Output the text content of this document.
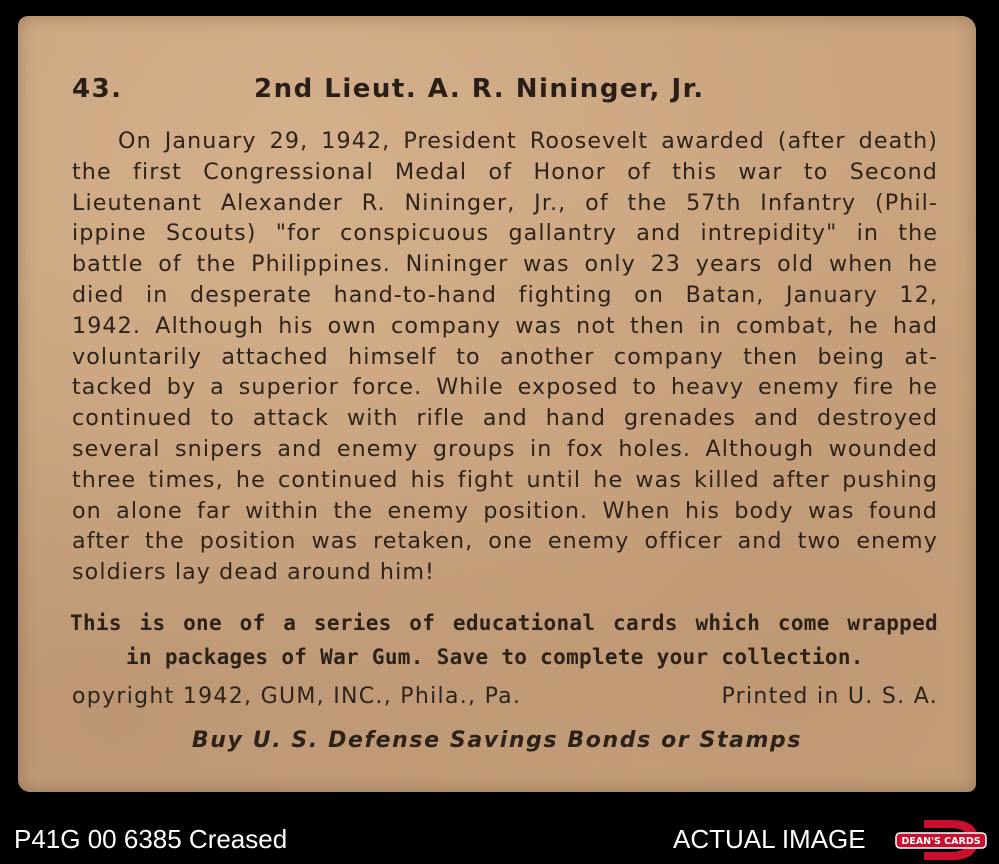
43.	2nd Lieut. A. R. Nininger, Jr.
On January 29, 1942, President Roosevelt awarded (after death)
the first Congressional Medal of Honor of this war to Second
Lieutenant Alexander R. Nininger, Jr., of the 57th Infantry (Phil-
ippine Scouts) "for conspicuous gallantry and intrepidity" in the
battle of the Philippines. Nininger was only 23 years old when he
died in desperate hand-to-hand fighting on Batan, January 12,
1942. Although his own company was not then in combat, he had
voluntarily attached himself to another company then being at-
tacked by a superior force. While exposed to heavy enemy fire he
continued to attack with rifle and hand grenades and destroyed
several snipers and enemy groups in fox holes. Although wounded
three times, he continued his fight until he was killed after pushing
on alone far within the enemy position. When his body was found
after the position was retaken, one enemy officer and two enemy
soldiers lay dead around him!
This is one of a series of educational cards which come wrapped
in packages of War Gum. Save to complete your collection.
opyright 1942, GUM, INC., Phila., Pa.	Printed in U. S. A.
Buy U. S. Defense Savings Bonds or Stamps
P41G 00 6385 Creased	ACTUAL IMAGE	DEAN'S CARDS
